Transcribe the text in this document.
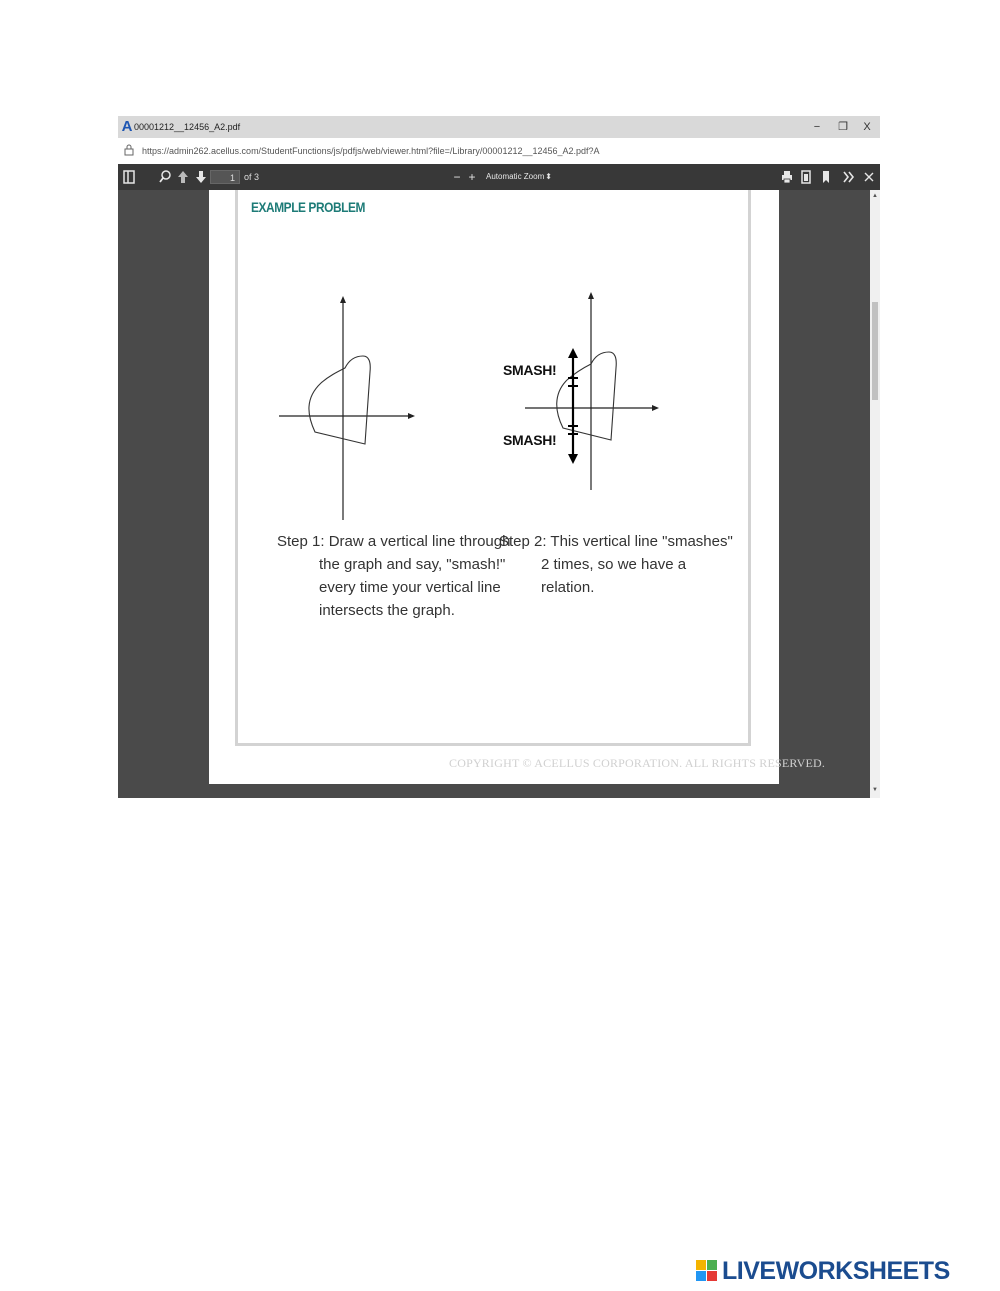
A 00001212__12456_A2.pdf	−	❐	X
https://admin262.acellus.com/StudentFunctions/js/pdfjs/web/viewer.html?file=/Library/00001212__12456_A2.pdf?A
1	of 3	− +	Automatic Zoom ⬍
EXAMPLE PROBLEM
SMASH!
SMASH!
Step 1: Draw a vertical line through
the graph and say, "smash!"
every time your vertical line
intersects the graph.
Step 2: This vertical line "smashes"
2 times, so we have a
relation.
COPYRIGHT © ACELLUS CORPORATION. ALL RIGHTS RESERVED.
▲
▼
LIVEWORKSHEETS
